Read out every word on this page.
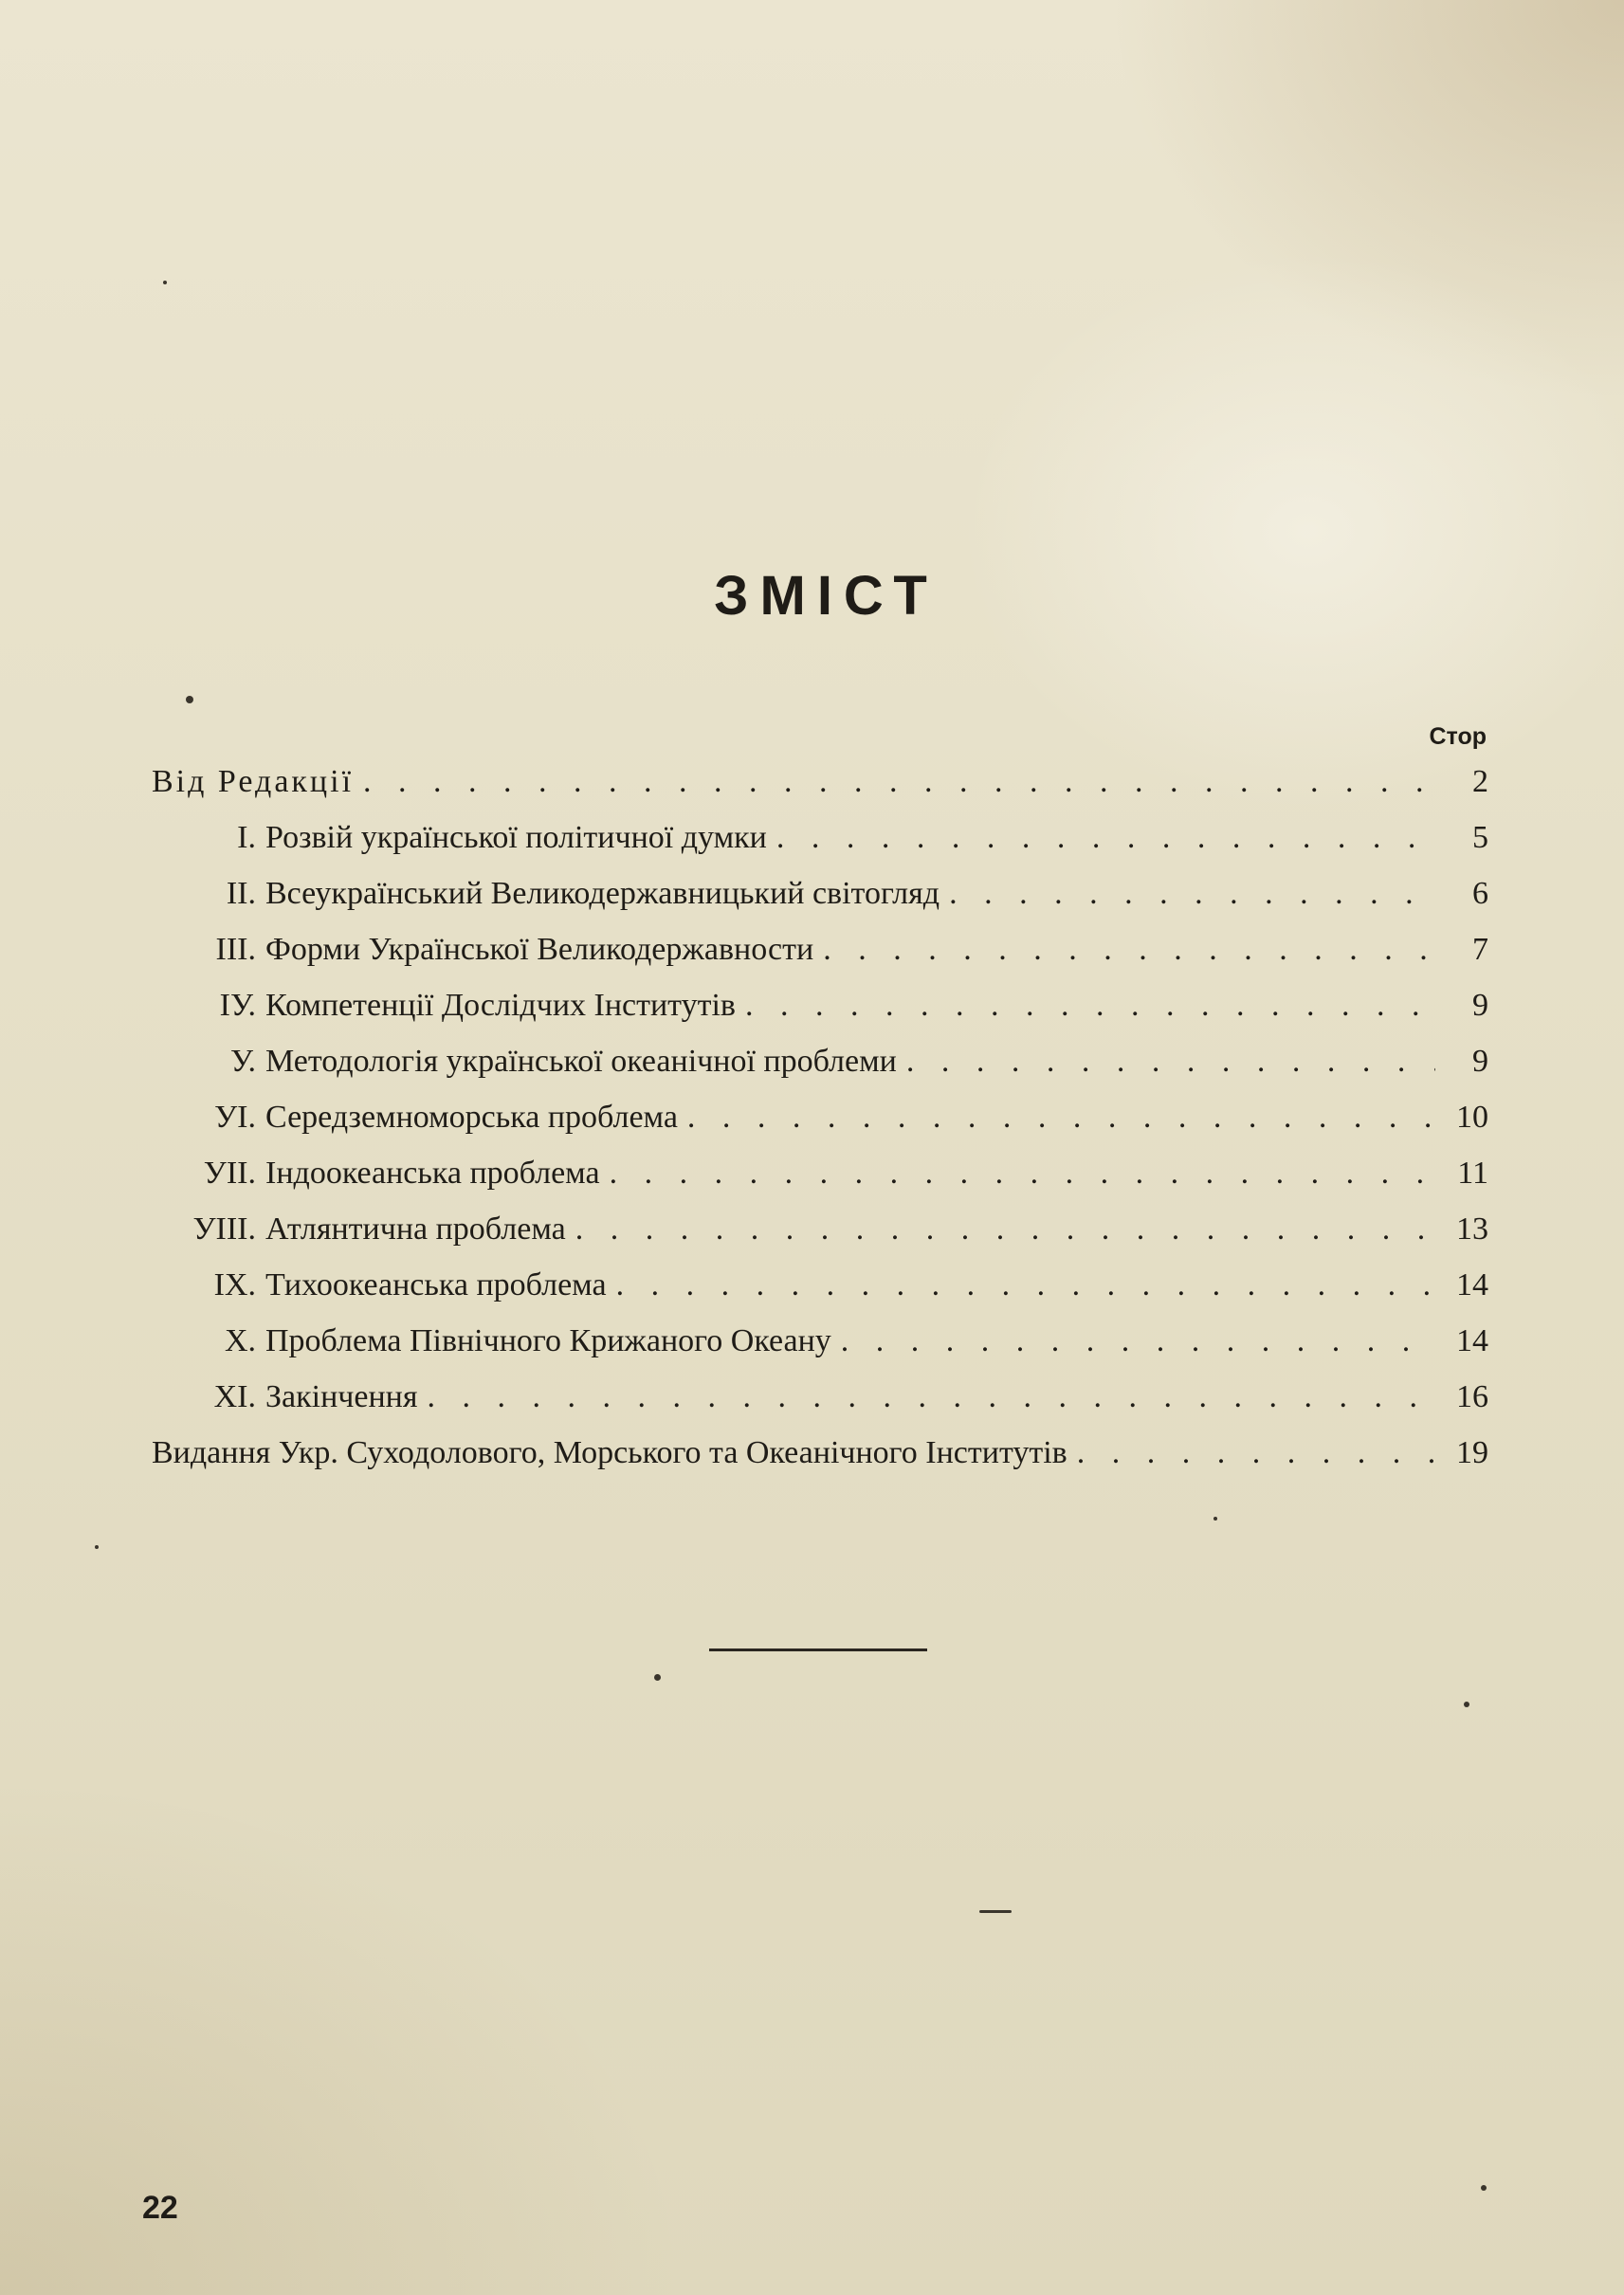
ЗМІСТ
Стор
Від Редакції . . .	2
I. Розвій української політичної думки . . .	5
II. Всеукраїнський Великодержавницький світогляд . . .	6
III. Форми Української Великодержавности . . .	7
IУ. Компетенції Дослідчих Інститутів . . .	9
У. Методологія української океанічної проблеми . . .	9
УI. Середземноморська проблема . . .	10
УII. Індоокеанська проблема . . .	11
УIII. Атлянтична проблема . . .	13
IX. Тихоокеанська проблема . . .	14
X. Проблема Північного Крижаного Океану . . .	14
XI. Закінчення . . .	16
Видання Укр. Суходолового, Морського та Океанічного Інститутів . . .	19
22
